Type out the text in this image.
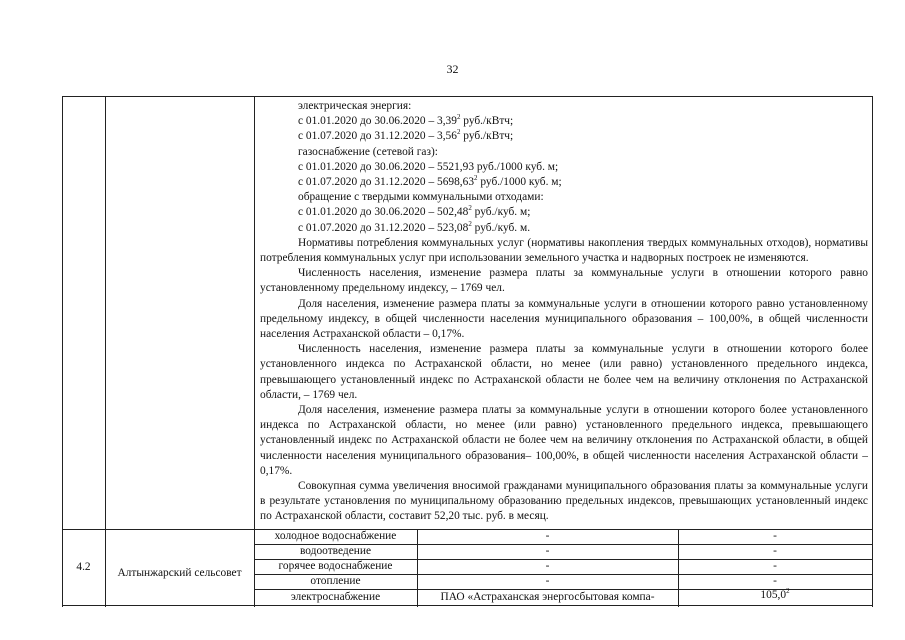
32

электрическая энергия:

с 01.01.2020 до 30.06.2020 – 3,39$^2$ руб./кВтч;

с 01.07.2020 до 31.12.2020 – 3,56$^2$ руб./кВтч;

газоснабжение (сетевой газ):

с 01.01.2020 до 30.06.2020 – 5521,93 руб./1000 куб. м;

с 01.07.2020 до 31.12.2020 – 5698,63$^2$ руб./1000 куб. м;

обращение с твердыми коммунальными отходами:

с 01.01.2020 до 30.06.2020 – 502,48$^2$ руб./куб. м;

с 01.07.2020 до 31.12.2020 – 523,08$^2$ руб./куб. м.

Нормативы потребления коммунальных услуг (нормативы накопления твердых коммунальных отходов), нормативы потребления коммунальных услуг при использовании земельного участка и надворных построек не изменяются.

Численность населения, изменение размера платы за коммунальные услуги в отношении которого равно установленному предельному индексу, – 1769 чел.

Доля населения, изменение размера платы за коммунальные услуги в отношении которого равно установленному предельному индексу, в общей численности населения муниципального образования – 100,00%, в общей численности населения Астраханской области – 0,17%.

Численность населения, изменение размера платы за коммунальные услуги в отношении которого более установленного индекса по Астраханской области, но менее (или равно) установленного предельного индекса, превышающего установленный индекс по Астраханской области не более чем на величину отклонения по Астраханской области, – 1769 чел.

Доля населения, изменение размера платы за коммунальные услуги в отношении которого более установленного индекса по Астраханской области, но менее (или равно) установленного предельного индекса, превышающего установленный индекс по Астраханской области не более чем на величину отклонения по Астраханской области, в общей численности населения муниципального образования– 100,00%, в общей численности населения Астраханской области – 0,17%.

Совокупная сумма увеличения вносимой гражданами муниципального образования платы за коммунальные услуги в результате установления по муниципальному образованию предельных индексов, превышающих установленный индекс по Астраханской области, составит 52,20 тыс. руб. в месяц.

4.2	Алтынжарский сельсовет
холодное водоснабжение	-	-
водоотведение	-	-
горячее водоснабжение	-	-
отопление	-	-
электроснабжение	ПАО «Астраханская энергосбытовая компа-	105,0$^2$
